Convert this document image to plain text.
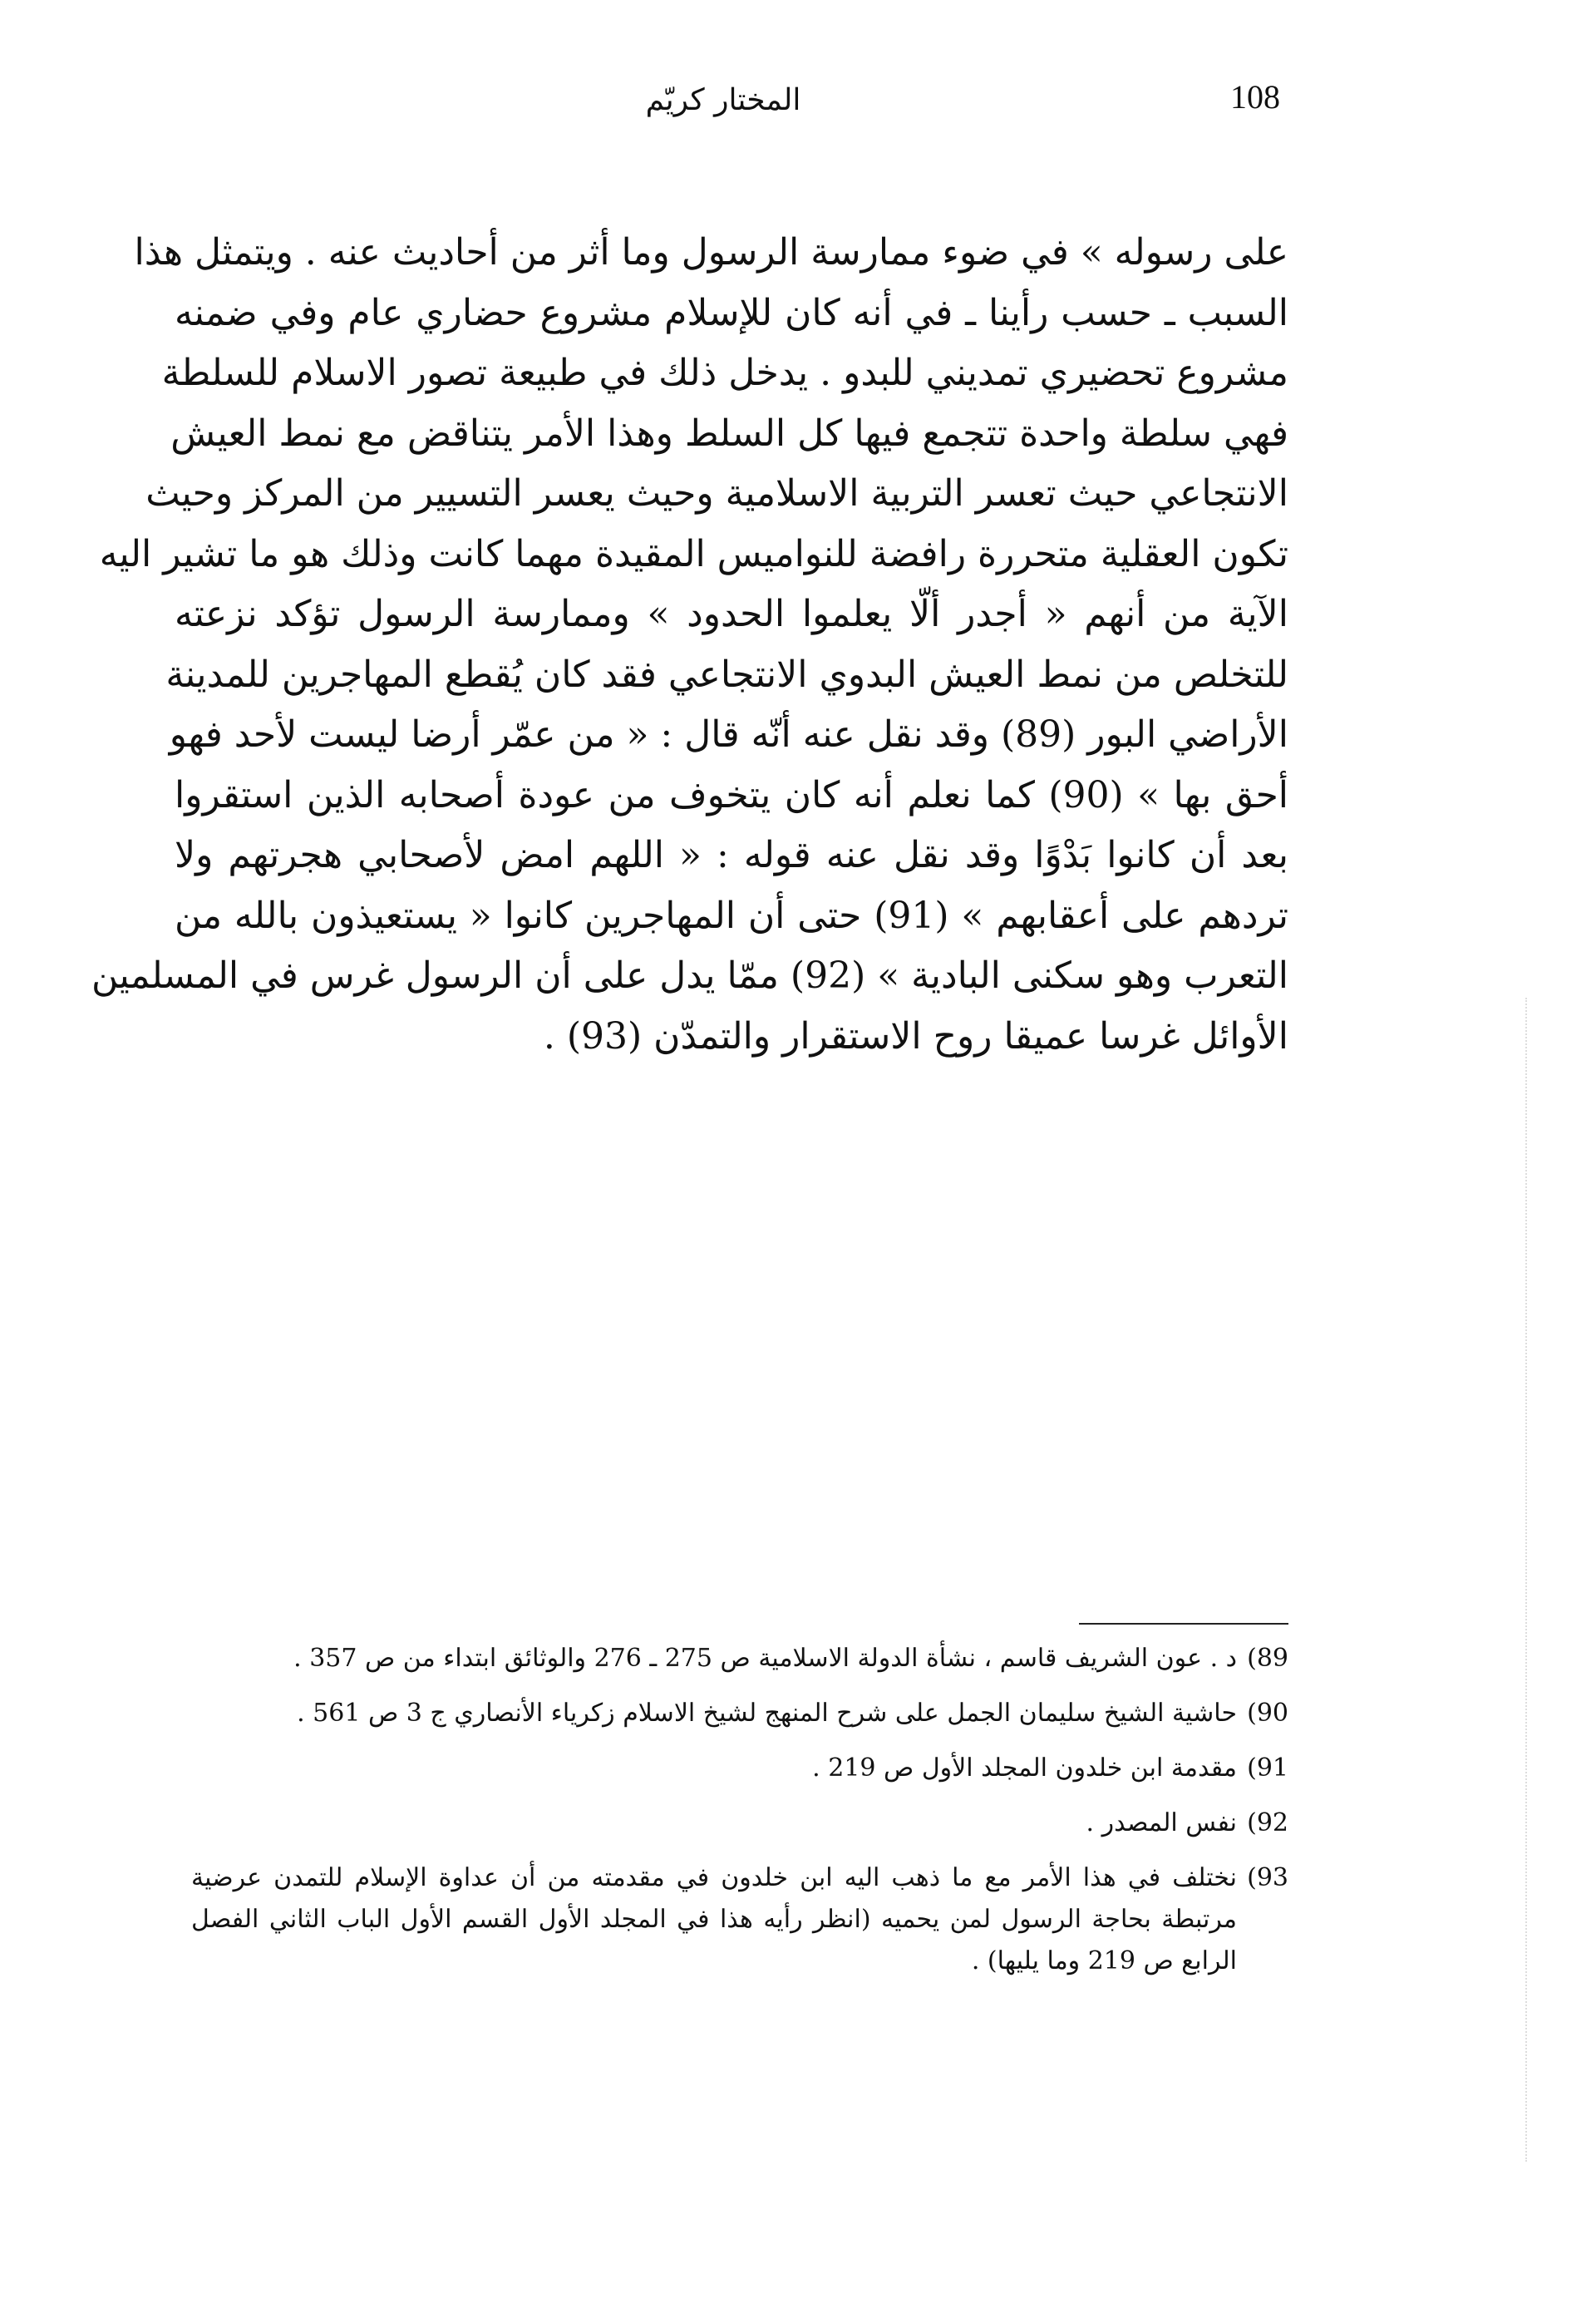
108
المختار كريّم
على رسوله » في ضوء ممارسة الرسول وما أثر من أحاديث عنه . ويتمثل هذا
السبب ـ حسب رأينا ـ في أنه كان للإسلام مشروع حضاري عام وفي ضمنه
مشروع تحضيري تمديني للبدو . يدخل ذلك في طبيعة تصور الاسلام للسلطة
فهي سلطة واحدة تتجمع فيها كل السلط وهذا الأمر يتناقض مع نمط العيش
الانتجاعي حيث تعسر التربية الاسلامية وحيث يعسر التسيير من المركز وحيث
تكون العقلية متحررة رافضة للنواميس المقيدة مهما كانت وذلك هو ما تشير اليه
الآية من أنهم « أجدر ألّا يعلموا الحدود » وممارسة الرسول تؤكد نزعته
للتخلص من نمط العيش البدوي الانتجاعي فقد كان يُقطع المهاجرين للمدينة
الأراضي البور (89) وقد نقل عنه أنّه قال : « من عمّر أرضا ليست لأحد فهو
أحق بها » (90) كما نعلم أنه كان يتخوف من عودة أصحابه الذين استقروا
بعد أن كانوا بَدْوًا وقد نقل عنه قوله : « اللهم امض لأصحابي هجرتهم ولا
تردهم على أعقابهم » (91) حتى أن المهاجرين كانوا « يستعيذون بالله من
التعرب وهو سكنى البادية » (92) ممّا يدل على أن الرسول غرس في المسلمين
الأوائل غرسا عميقا روح الاستقرار والتمدّن (93) .
89)
د . عون الشريف قاسم ، نشأة الدولة الاسلامية ص 275 ـ 276 والوثائق ابتداء من ص 357 .
90)
حاشية الشيخ سليمان الجمل على شرح المنهج لشيخ الاسلام زكرياء الأنصاري ج 3 ص 561 .
91)
مقدمة ابن خلدون المجلد الأول ص 219 .
92)
نفس المصدر .
93)
نختلف في هذا الأمر مع ما ذهب اليه ابن خلدون في مقدمته من أن عداوة الإسلام للتمدن عرضية
مرتبطة بحاجة الرسول لمن يحميه (انظر رأيه هذا في المجلد الأول القسم الأول الباب الثاني الفصل
الرابع ص 219 وما يليها) .
